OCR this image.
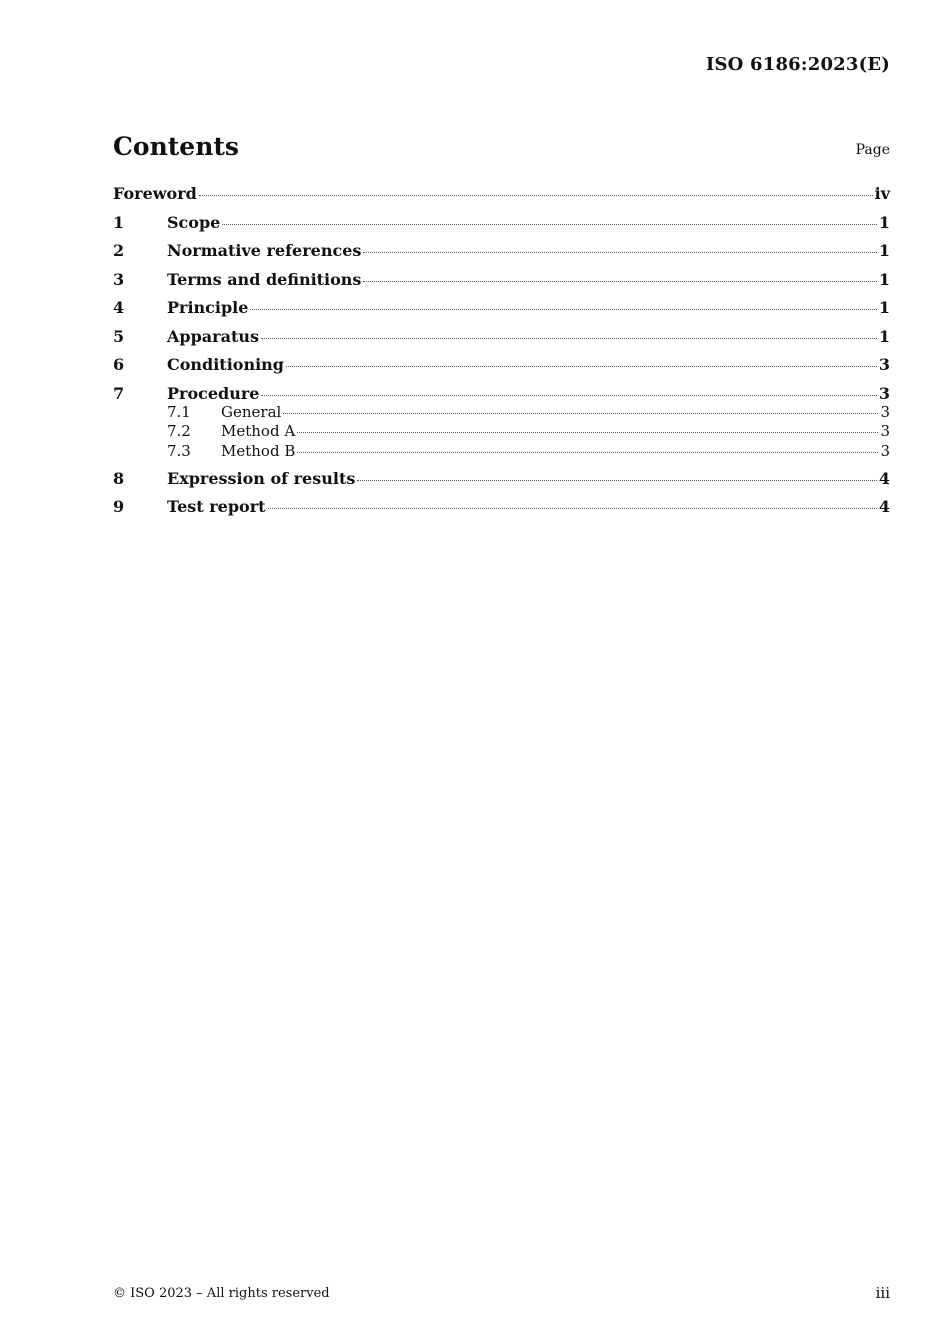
ISO 6186:2023(E)
Contents	Page
Foreword	iv
1	Scope	1
2	Normative references	1
3	Terms and definitions	1
4	Principle	1
5	Apparatus	1
6	Conditioning	3
7	Procedure	3
7.1	General	3
7.2	Method A	3
7.3	Method B	3
8	Expression of results	4
9	Test report	4
© ISO 2023 – All rights reserved	iii
